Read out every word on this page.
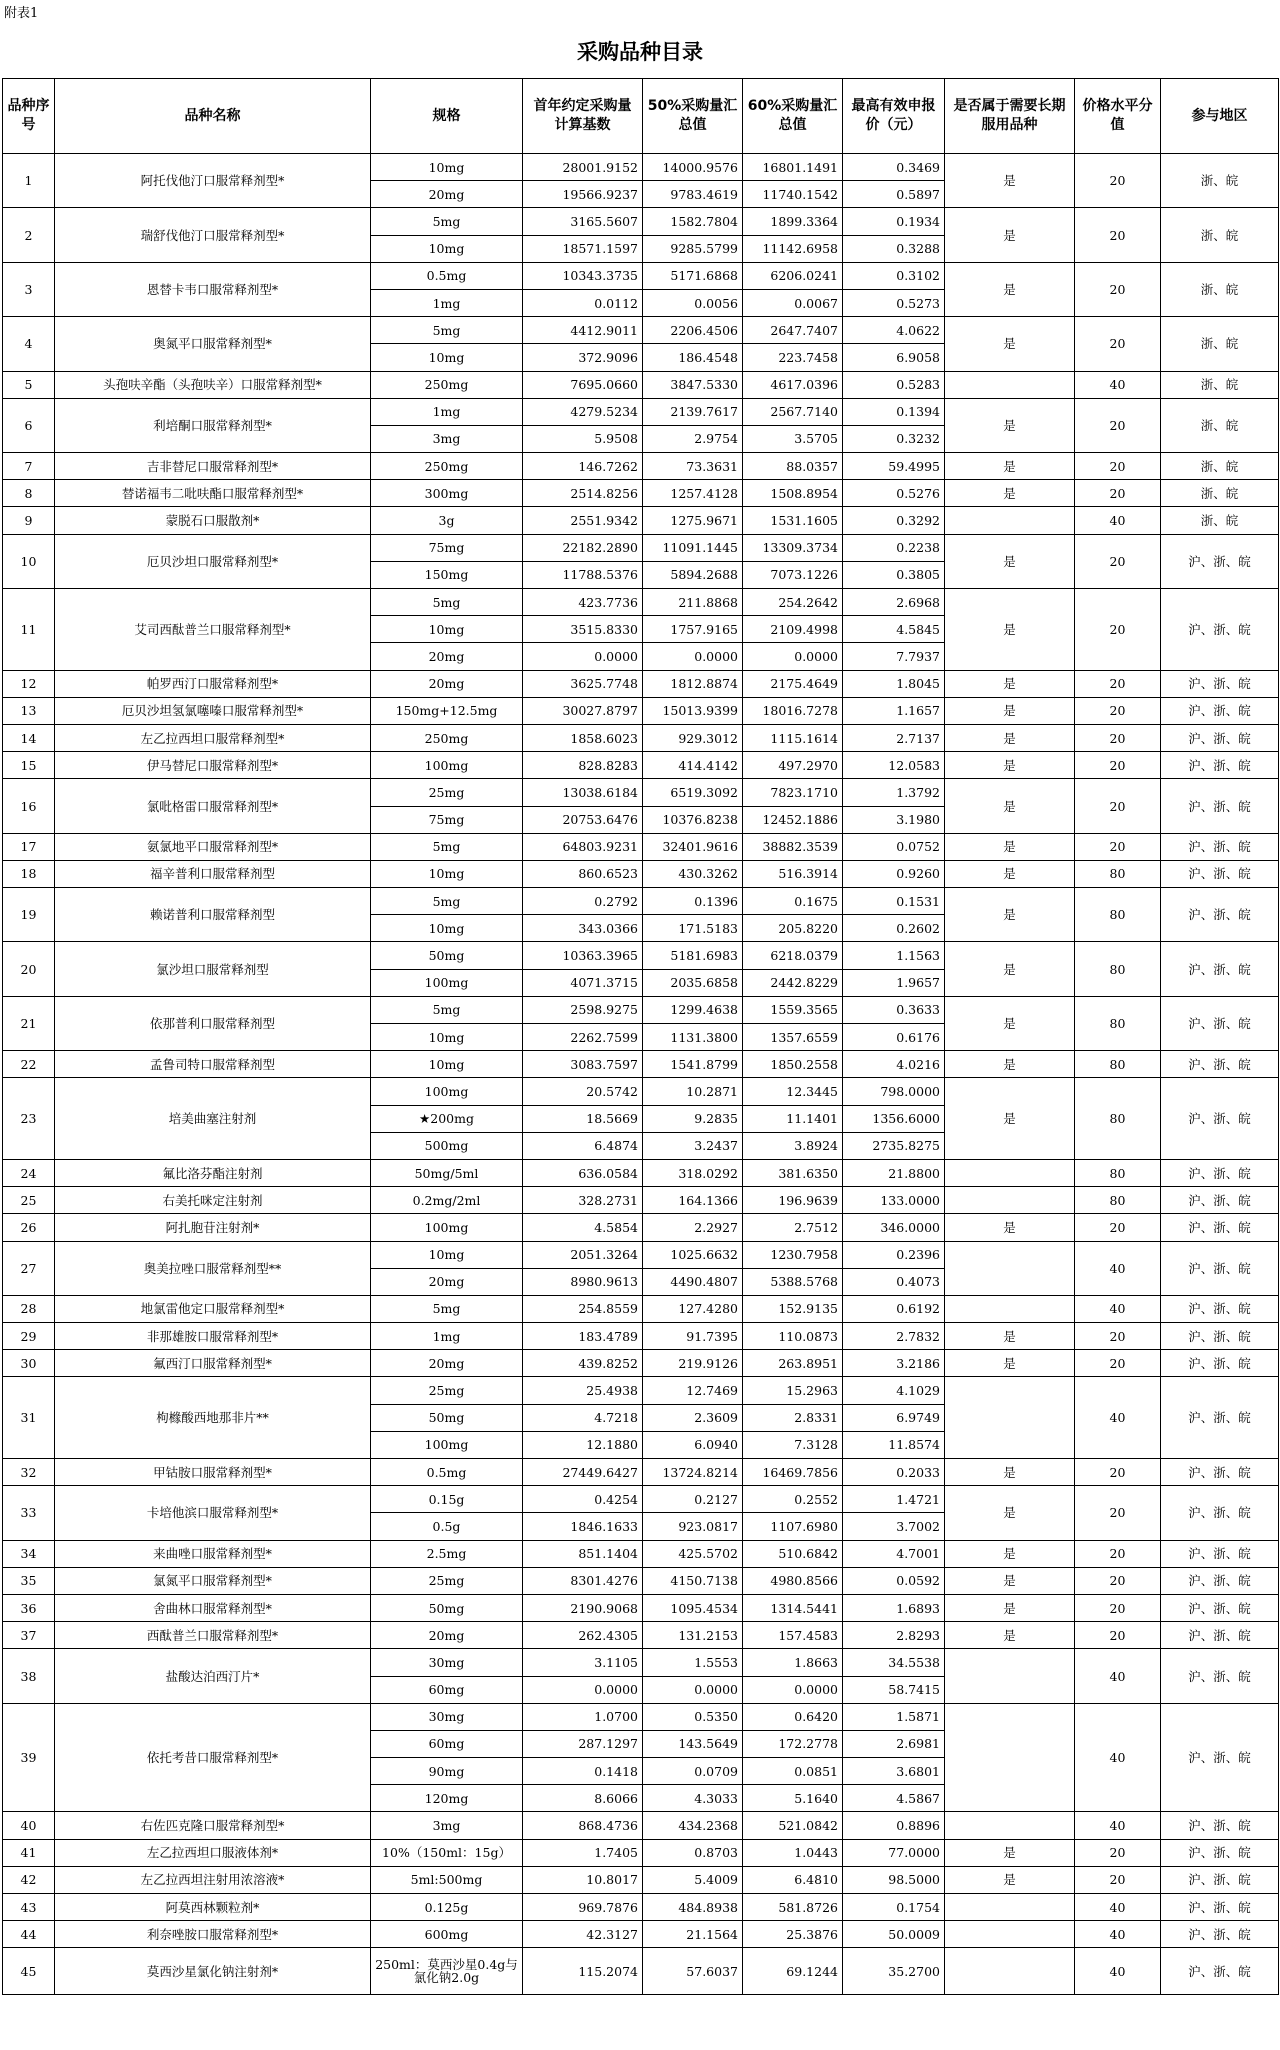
附表1
采购品种目录
品种序号	品种名称	规格	首年约定采购量计算基数	50%采购量汇总值	60%采购量汇总值	最高有效申报价（元）	是否属于需要长期服用品种	价格水平分值	参与地区
1	阿托伐他汀口服常释剂型*	10mg	28001.9152	14000.9576	16801.1491	0.3469	是	20	浙、皖
		20mg	19566.9237	9783.4619	11740.1542	0.5897			
2	瑞舒伐他汀口服常释剂型*	5mg	3165.5607	1582.7804	1899.3364	0.1934	是	20	浙、皖
		10mg	18571.1597	9285.5799	11142.6958	0.3288			
3	恩替卡韦口服常释剂型*	0.5mg	10343.3735	5171.6868	6206.0241	0.3102	是	20	浙、皖
		1mg	0.0112	0.0056	0.0067	0.5273			
4	奥氮平口服常释剂型*	5mg	4412.9011	2206.4506	2647.7407	4.0622	是	20	浙、皖
		10mg	372.9096	186.4548	223.7458	6.9058			
5	头孢呋辛酯（头孢呋辛）口服常释剂型*	250mg	7695.0660	3847.5330	4617.0396	0.5283		40	浙、皖
6	利培酮口服常释剂型*	1mg	4279.5234	2139.7617	2567.7140	0.1394	是	20	浙、皖
		3mg	5.9508	2.9754	3.5705	0.3232			
7	吉非替尼口服常释剂型*	250mg	146.7262	73.3631	88.0357	59.4995	是	20	浙、皖
8	替诺福韦二吡呋酯口服常释剂型*	300mg	2514.8256	1257.4128	1508.8954	0.5276	是	20	浙、皖
9	蒙脱石口服散剂*	3g	2551.9342	1275.9671	1531.1605	0.3292		40	浙、皖
10	厄贝沙坦口服常释剂型*	75mg	22182.2890	11091.1445	13309.3734	0.2238	是	20	沪、浙、皖
		150mg	11788.5376	5894.2688	7073.1226	0.3805			
11	艾司西酞普兰口服常释剂型*	5mg	423.7736	211.8868	254.2642	2.6968	是	20	沪、浙、皖
		10mg	3515.8330	1757.9165	2109.4998	4.5845			
		20mg	0.0000	0.0000	0.0000	7.7937			
12	帕罗西汀口服常释剂型*	20mg	3625.7748	1812.8874	2175.4649	1.8045	是	20	沪、浙、皖
13	厄贝沙坦氢氯噻嗪口服常释剂型*	150mg+12.5mg	30027.8797	15013.9399	18016.7278	1.1657	是	20	沪、浙、皖
14	左乙拉西坦口服常释剂型*	250mg	1858.6023	929.3012	1115.1614	2.7137	是	20	沪、浙、皖
15	伊马替尼口服常释剂型*	100mg	828.8283	414.4142	497.2970	12.0583	是	20	沪、浙、皖
16	氯吡格雷口服常释剂型*	25mg	13038.6184	6519.3092	7823.1710	1.3792	是	20	沪、浙、皖
		75mg	20753.6476	10376.8238	12452.1886	3.1980			
17	氨氯地平口服常释剂型*	5mg	64803.9231	32401.9616	38882.3539	0.0752	是	20	沪、浙、皖
18	福辛普利口服常释剂型	10mg	860.6523	430.3262	516.3914	0.9260	是	80	沪、浙、皖
19	赖诺普利口服常释剂型	5mg	0.2792	0.1396	0.1675	0.1531	是	80	沪、浙、皖
		10mg	343.0366	171.5183	205.8220	0.2602			
20	氯沙坦口服常释剂型	50mg	10363.3965	5181.6983	6218.0379	1.1563	是	80	沪、浙、皖
		100mg	4071.3715	2035.6858	2442.8229	1.9657			
21	依那普利口服常释剂型	5mg	2598.9275	1299.4638	1559.3565	0.3633	是	80	沪、浙、皖
		10mg	2262.7599	1131.3800	1357.6559	0.6176			
22	孟鲁司特口服常释剂型	10mg	3083.7597	1541.8799	1850.2558	4.0216	是	80	沪、浙、皖
23	培美曲塞注射剂	100mg	20.5742	10.2871	12.3445	798.0000	是	80	沪、浙、皖
		★200mg	18.5669	9.2835	11.1401	1356.6000			
		500mg	6.4874	3.2437	3.8924	2735.8275			
24	氟比洛芬酯注射剂	50mg/5ml	636.0584	318.0292	381.6350	21.8800		80	沪、浙、皖
25	右美托咪定注射剂	0.2mg/2ml	328.2731	164.1366	196.9639	133.0000		80	沪、浙、皖
26	阿扎胞苷注射剂*	100mg	4.5854	2.2927	2.7512	346.0000	是	20	沪、浙、皖
27	奥美拉唑口服常释剂型**	10mg	2051.3264	1025.6632	1230.7958	0.2396		40	沪、浙、皖
		20mg	8980.9613	4490.4807	5388.5768	0.4073			
28	地氯雷他定口服常释剂型*	5mg	254.8559	127.4280	152.9135	0.6192		40	沪、浙、皖
29	非那雄胺口服常释剂型*	1mg	183.4789	91.7395	110.0873	2.7832	是	20	沪、浙、皖
30	氟西汀口服常释剂型*	20mg	439.8252	219.9126	263.8951	3.2186	是	20	沪、浙、皖
31	枸橼酸西地那非片**	25mg	25.4938	12.7469	15.2963	4.1029		40	沪、浙、皖
		50mg	4.7218	2.3609	2.8331	6.9749			
		100mg	12.1880	6.0940	7.3128	11.8574			
32	甲钴胺口服常释剂型*	0.5mg	27449.6427	13724.8214	16469.7856	0.2033	是	20	沪、浙、皖
33	卡培他滨口服常释剂型*	0.15g	0.4254	0.2127	0.2552	1.4721	是	20	沪、浙、皖
		0.5g	1846.1633	923.0817	1107.6980	3.7002			
34	来曲唑口服常释剂型*	2.5mg	851.1404	425.5702	510.6842	4.7001	是	20	沪、浙、皖
35	氯氮平口服常释剂型*	25mg	8301.4276	4150.7138	4980.8566	0.0592	是	20	沪、浙、皖
36	舍曲林口服常释剂型*	50mg	2190.9068	1095.4534	1314.5441	1.6893	是	20	沪、浙、皖
37	西酞普兰口服常释剂型*	20mg	262.4305	131.2153	157.4583	2.8293	是	20	沪、浙、皖
38	盐酸达泊西汀片*	30mg	3.1105	1.5553	1.8663	34.5538		40	沪、浙、皖
		60mg	0.0000	0.0000	0.0000	58.7415			
39	依托考昔口服常释剂型*	30mg	1.0700	0.5350	0.6420	1.5871		40	沪、浙、皖
		60mg	287.1297	143.5649	172.2778	2.6981			
		90mg	0.1418	0.0709	0.0851	3.6801			
		120mg	8.6066	4.3033	5.1640	4.5867			
40	右佐匹克隆口服常释剂型*	3mg	868.4736	434.2368	521.0842	0.8896		40	沪、浙、皖
41	左乙拉西坦口服液体剂*	10%（150ml：15g）	1.7405	0.8703	1.0443	77.0000	是	20	沪、浙、皖
42	左乙拉西坦注射用浓溶液*	5ml:500mg	10.8017	5.4009	6.4810	98.5000	是	20	沪、浙、皖
43	阿莫西林颗粒剂*	0.125g	969.7876	484.8938	581.8726	0.1754		40	沪、浙、皖
44	利奈唑胺口服常释剂型*	600mg	42.3127	21.1564	25.3876	50.0009		40	沪、浙、皖
45	莫西沙星氯化钠注射剂*	250ml：莫西沙星0.4g与氯化钠2.0g	115.2074	57.6037	69.1244	35.2700		40	沪、浙、皖
